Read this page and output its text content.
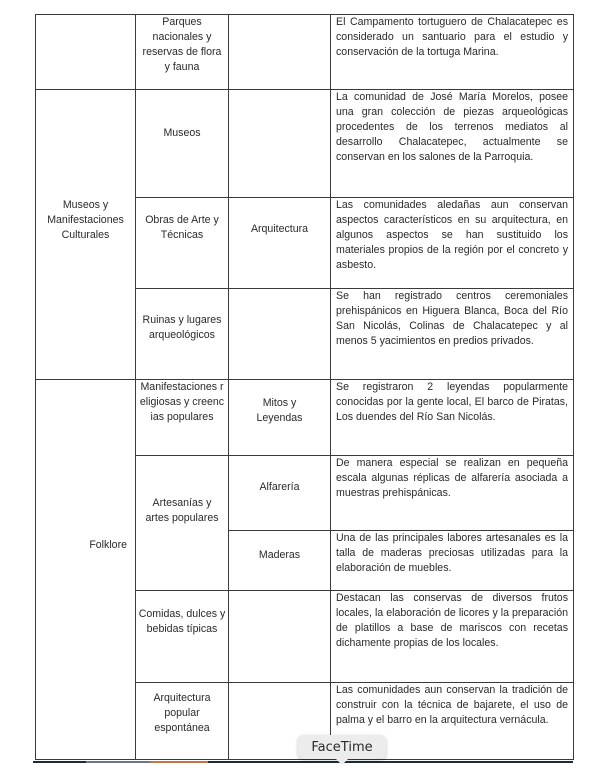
	Parques nacionales y reservas de flora y fauna		El Campamento tortuguero de Chalacatepec es considerado un santuario para el estudio y conservación de la tortuga Marina.

Museos y Manifestaciones Culturales	Museos		La comunidad de José María Morelos, posee una gran colección de piezas arqueológicas procedentes de los terrenos mediatos al desarrollo Chalacatepec, actualmente se conservan en los salones de la Parroquia.

	Obras de Arte y Técnicas	Arquitectura	Las comunidades aledañas aun conservan aspectos característicos en su arquitectura, en algunos aspectos se han sustituido los materiales propios de la región por el concreto y asbesto.

	Ruinas y lugares arqueológicos		Se han registrado centros ceremoniales prehispánicos en Higuera Blanca, Boca del Río San Nicolás, Colinas de Chalacatepec y al menos 5 yacimientos en predios privados.

Folklore	Manifestaciones religiosas y creencias populares	Mitos y Leyendas	Se registraron 2 leyendas popularmente conocidas por la gente local, El barco de Piratas, Los duendes del Río San Nicolás.

	Artesanías y artes populares	Alfarería	De manera especial se realizan en pequeña escala algunas réplicas de alfarería asociada a muestras prehispánicas.

		Maderas	Una de las principales labores artesanales es la talla de maderas preciosas utilizadas para la elaboración de muebles.

	Comidas, dulces y bebidas típicas		Destacan las conservas de diversos frutos locales, la elaboración de licores y la preparación de platillos a base de mariscos con recetas dichamente propias de los locales.

	Arquitectura popular espontánea		Las comunidades aun conservan la tradición de construir con la técnica de bajarete, el uso de palma y el barro en la arquitectura vernácula.
FaceTime
